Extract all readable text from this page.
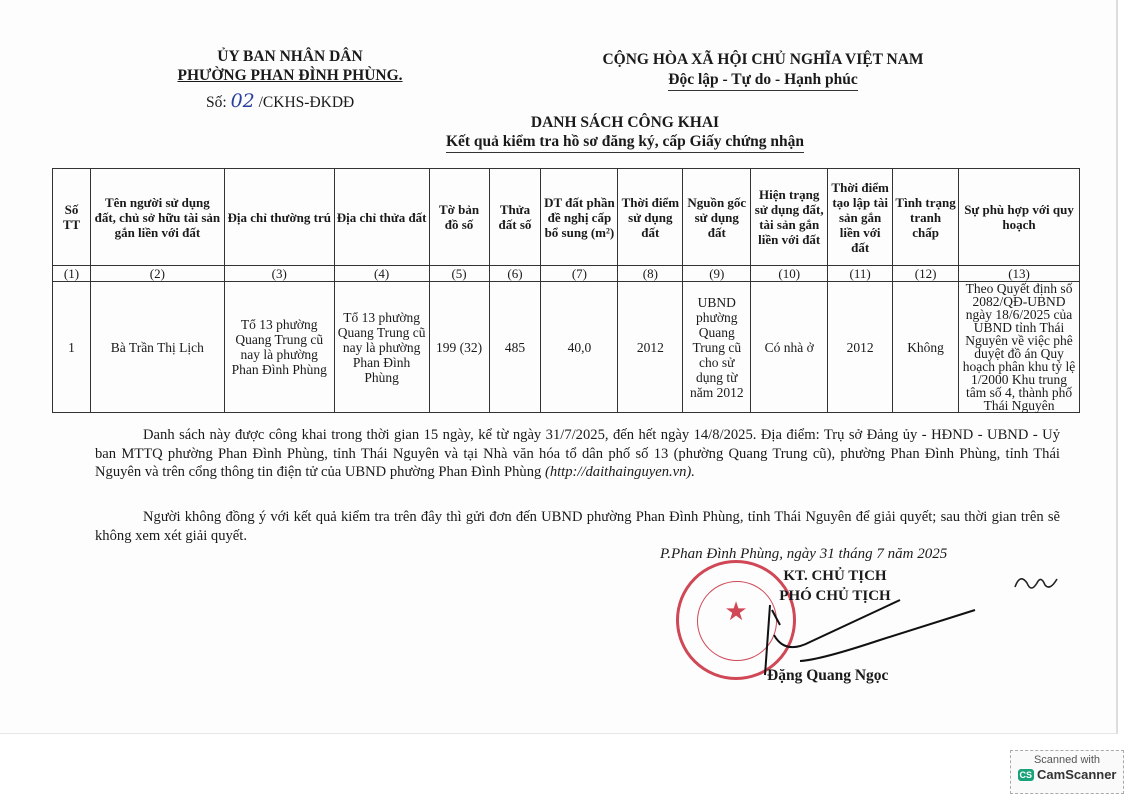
ỦY BAN NHÂN DÂN
PHƯỜNG PHAN ĐÌNH PHÙNG.
Số: 02 /CKHS-ĐKDĐ
CỘNG HÒA XÃ HỘI CHỦ NGHĨA VIỆT NAM
Độc lập - Tự do - Hạnh phúc
DANH SÁCH CÔNG KHAI
Kết quả kiểm tra hồ sơ đăng ký, cấp Giấy chứng nhận
Số TT	Tên người sử dụng đất, chủ sở hữu tài sản gắn liền với đất	Địa chỉ thường trú	Địa chỉ thửa đất	Tờ bản đồ số	Thửa đất số	DT đất phần đề nghị cấp bổ sung (m²)	Thời điểm sử dụng đất	Nguồn gốc sử dụng đất	Hiện trạng sử dụng đất, tài sản gắn liền với đất	Thời điểm tạo lập tài sản gắn liền với đất	Tình trạng tranh chấp	Sự phù hợp với quy hoạch
(1)	(2)	(3)	(4)	(5)	(6)	(7)	(8)	(9)	(10)	(11)	(12)	(13)
1	Bà Trần Thị Lịch	Tổ 13 phường Quang Trung cũ nay là phường Phan Đình Phùng	Tổ 13 phường Quang Trung cũ nay là phường Phan Đình Phùng	199 (32)	485	40,0	2012	UBND phường Quang Trung cũ cho sử dụng từ năm 2012	Có nhà ở	2012	Không	Theo Quyết định số 2082/QĐ-UBND ngày 18/6/2025 của UBND tỉnh Thái Nguyên về việc phê duyệt đồ án Quy hoạch phân khu tỷ lệ 1/2000 Khu trung tâm số 4, thành phố Thái Nguyên
Danh sách này được công khai trong thời gian 15 ngày, kể từ ngày 31/7/2025, đến hết ngày 14/8/2025. Địa điểm: Trụ sở Đảng ủy - HĐND - UBND - Uỷ ban MTTQ phường Phan Đình Phùng, tỉnh Thái Nguyên và tại Nhà văn hóa tổ dân phố số 13 (phường Quang Trung cũ), phường Phan Đình Phùng, tỉnh Thái Nguyên và trên cổng thông tin điện tử của UBND phường Phan Đình Phùng (http://daithainguyen.vn).
Người không đồng ý với kết quả kiểm tra trên đây thì gửi đơn đến UBND phường Phan Đình Phùng, tỉnh Thái Nguyên để giải quyết; sau thời gian trên sẽ không xem xét giải quyết.
P.Phan Đình Phùng, ngày 31 tháng 7 năm 2025
★
KT. CHỦ TỊCH
PHÓ CHỦ TỊCH
Đặng Quang Ngọc
Scanned with
CS CamScanner
